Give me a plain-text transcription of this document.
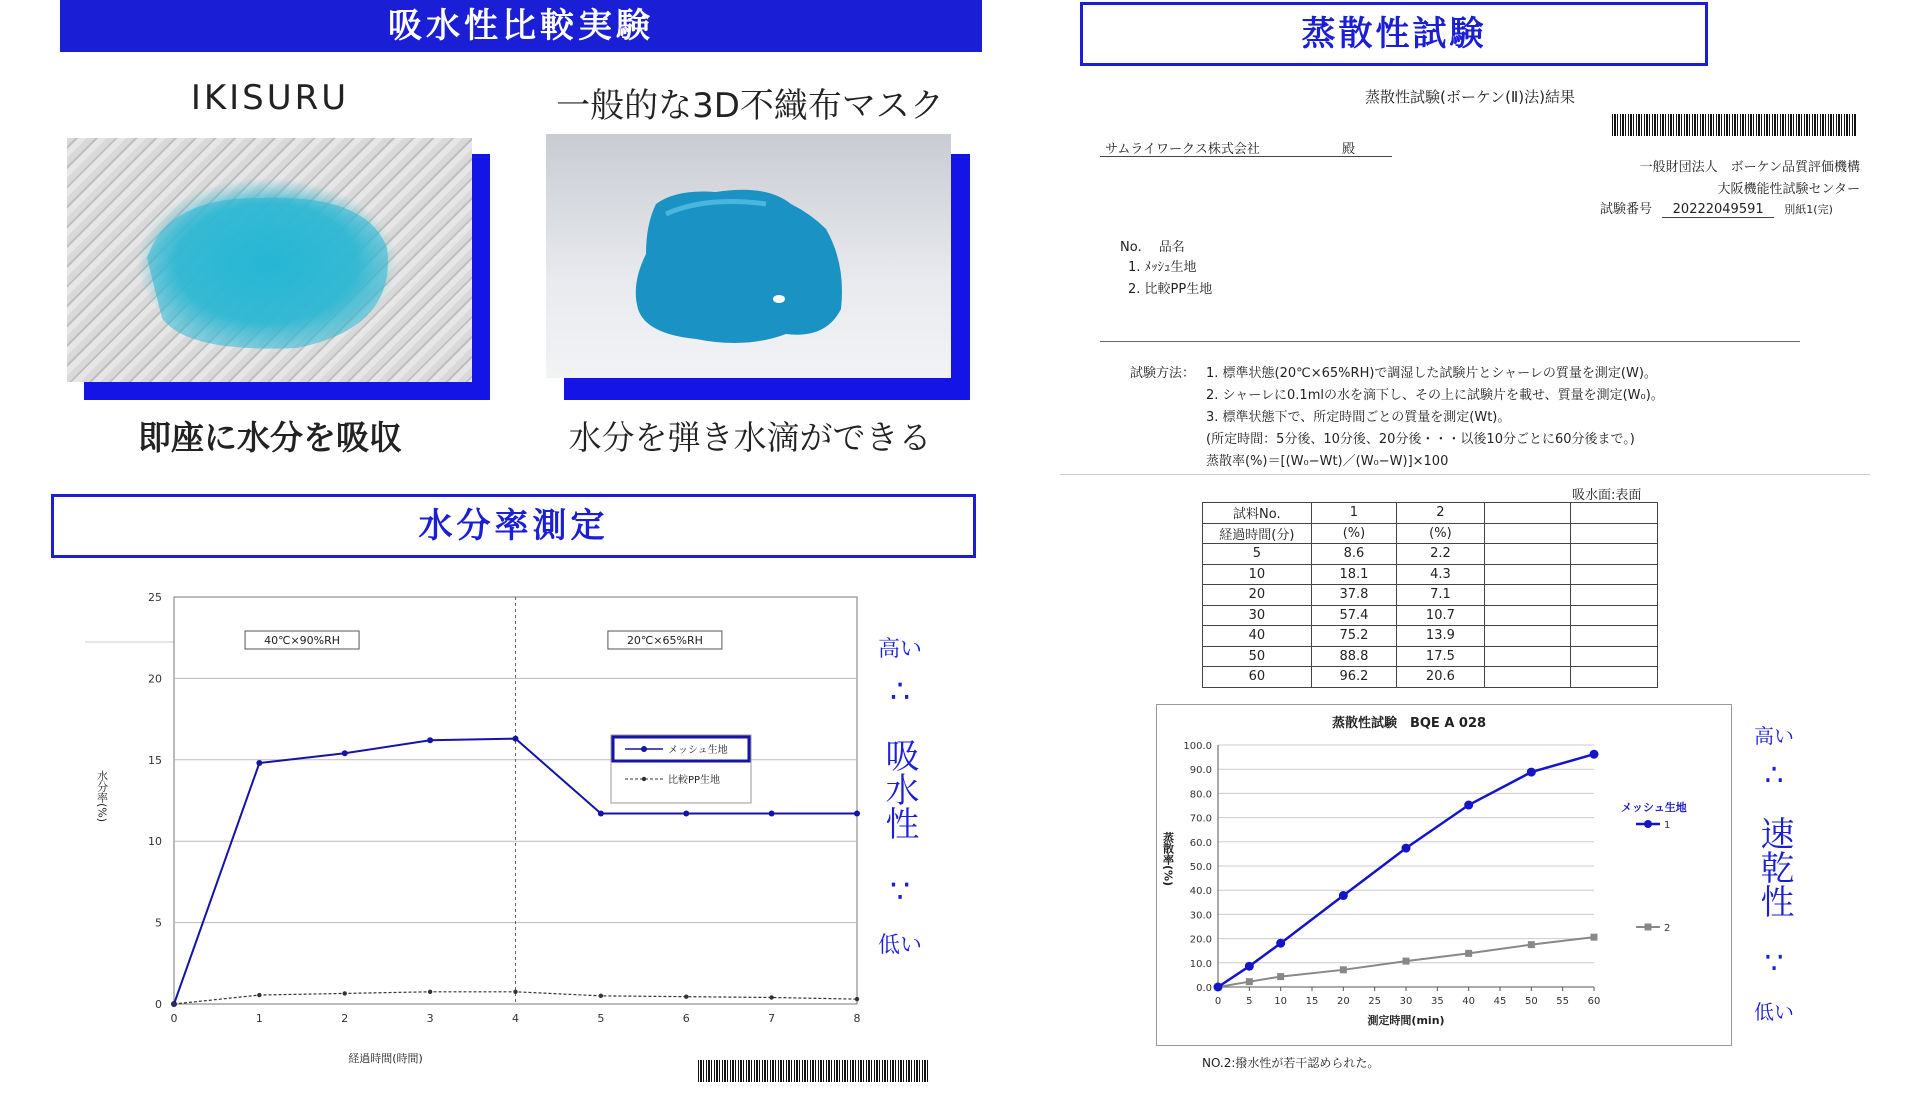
吸水性比較実験
IKISURU	一般的な3D不織布マスク
即座に水分を吸収	水分を弾き水滴ができる
水分率測定
0
5
10
15
20
25
0	1	2	3	4	5	6	7	8
40℃×90%RH	20℃×65%RH
メッシュ生地
比較PP生地
水分率(%)
経過時間(時間)
高い
∴
吸水性
∵
低い
蒸散性試験
蒸散性試験(ボーケン(Ⅱ)法)結果
サムライワークス株式会社	殿
一般財団法人　ボーケン品質評価機構
大阪機能性試験センター
試験番号 20222049591 別紙1(完)
No.　 品名
1. ﾒｯｼｭ生地
2. 比較PP生地
試験方法： 1. 標準状態(20℃×65%RH)で調湿した試験片とシャーレの質量を測定(W)。
2. シャーレに0.1mlの水を滴下し、その上に試験片を載せ、質量を測定(W₀)。
3. 標準状態下で、所定時間ごとの質量を測定(Wt)。
(所定時間：5分後、10分後、20分後・・・以後10分ごとに60分後まで。)
蒸散率(%)＝[(W₀−Wt)／(W₀−W)]×100
吸水面:表面
試料No.	1	2		
経過時間(分)	(%)	(%)		
5	8.6	2.2		
10	18.1	4.3		
20	37.8	7.1		
30	57.4	10.7		
40	75.2	13.9		
50	88.8	17.5		
60	96.2	20.6		
蒸散性試験　BQE A 028
0.0
10.0
20.0
30.0
40.0
50.0
60.0
70.0
80.0
90.0
100.0
0 5 10 15 20 25 30 35 40 45 50 55 60
メッシュ生地
1
2
蒸散率(%)
測定時間(min)
高い
∴
速乾性
∵
低い
NO.2:撥水性が若干認められた。
